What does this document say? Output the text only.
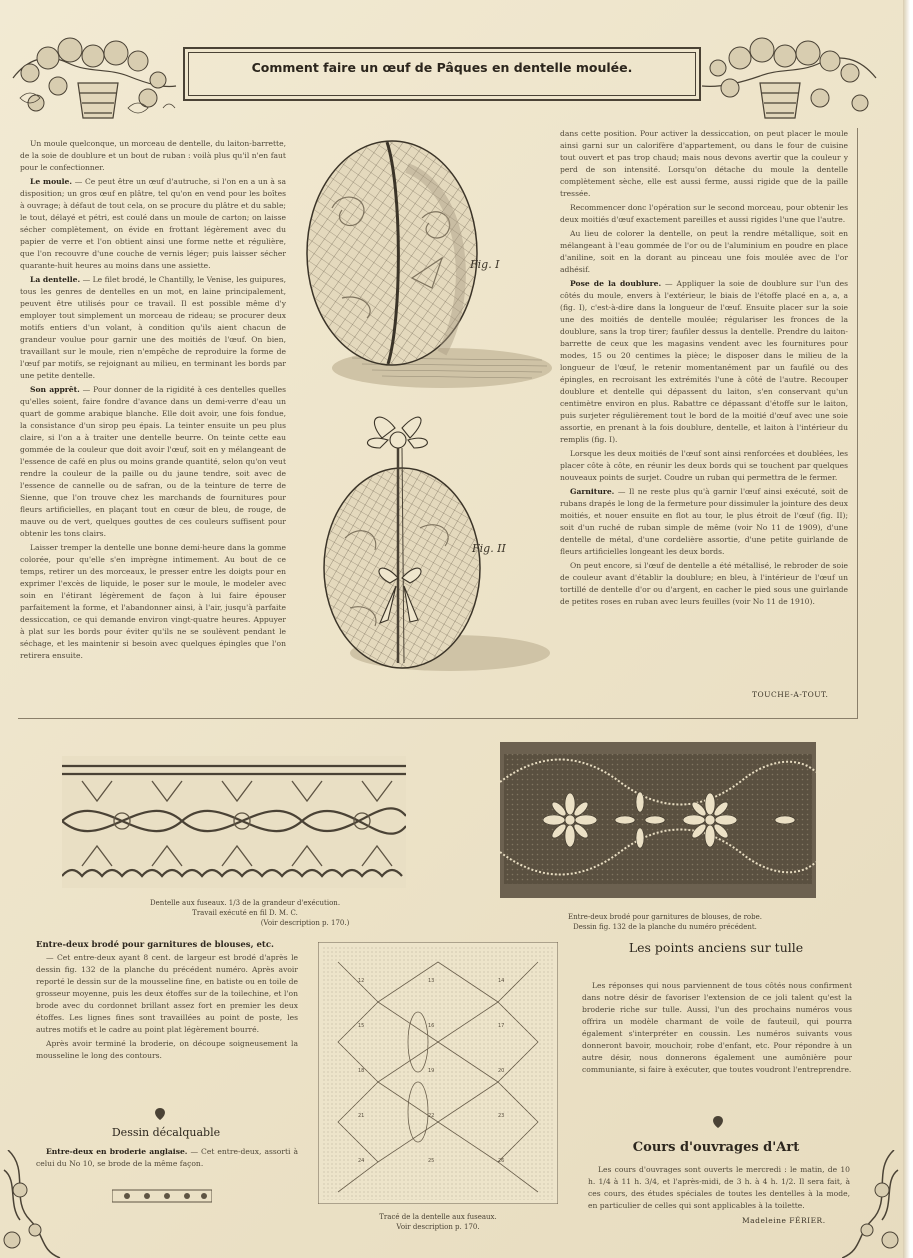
Comment faire un œuf de Pâques en dentelle moulée.

Un moule quelconque, un morceau de dentelle, du laiton-barrette, de la soie de doublure et un bout de ruban : voilà plus qu'il n'en faut pour le confectionner.

Le moule. — Ce peut être un œuf d'autruche, si l'on en a un à sa disposition; un gros œuf en plâtre, tel qu'on en vend pour les boîtes à ouvrage; à défaut de tout cela, on se procure du plâtre et du sable; le tout, délayé et pétri, est coulé dans un moule de carton; on laisse sécher complètement, on évide en frottant légèrement avec du papier de verre et l'on obtient ainsi une forme nette et régulière, que l'on recouvre d'une couche de vernis léger; puis laisser sécher quarante-huit heures au moins dans une assiette.

La dentelle. — Le filet brodé, le Chantilly, le Venise, les guipures, tous les genres de dentelles en un mot, en laine principalement, peuvent être utilisés pour ce travail. Il est possible même d'y employer tout simplement un morceau de rideau; se procurer deux motifs entiers d'un volant, à condition qu'ils aient chacun de grandeur voulue pour garnir une des moitiés de l'œuf. On bien, travaillant sur le moule, rien n'empêche de reproduire la forme de l'œuf par motifs, se rejoignant au milieu, en terminant les bords par une petite dentelle.

Son apprêt. — Pour donner de la rigidité à ces dentelles quelles qu'elles soient, faire fondre d'avance dans un demi-verre d'eau un quart de gomme arabique blanche. Elle doit avoir, une fois fondue, la consistance d'un sirop peu épais. La teinter ensuite un peu plus claire, si l'on a à traiter une dentelle beurre. On teinte cette eau gommée de la couleur que doit avoir l'œuf, soit en y mélangeant de l'essence de café en plus ou moins grande quantité, selon qu'on veut rendre la couleur de la paille ou du jaune tendre, soit avec de l'essence de cannelle ou de safran, ou de la teinture de terre de Sienne, que l'on trouve chez les marchands de fournitures pour fleurs artificielles, en plaçant tout en cœur de bleu, de rouge, de mauve ou de vert, quelques gouttes de ces couleurs suffisent pour obtenir les tons clairs.

Laisser tremper la dentelle une bonne demi-heure dans la gomme colorée, pour qu'elle s'en imprègne intimement. Au bout de ce temps, retirer un des morceaux, le presser entre les doigts pour en exprimer l'excès de liquide, le poser sur le moule, le modeler avec soin en l'étirant légèrement de façon à lui faire épouser parfaitement la forme, et l'abandonner ainsi, à l'air, jusqu'à parfaite dessiccation, ce qui demande environ vingt-quatre heures. Appuyer à plat sur les bords pour éviter qu'ils ne se soulèvent pendant le séchage, et les maintenir si besoin avec quelques épingles que l'on retirera ensuite.

Fig. I
Fig. II

dans cette position. Pour activer la dessiccation, on peut placer le moule ainsi garni sur un calorifère d'appartement, ou dans le four de cuisine tout ouvert et pas trop chaud; mais nous devons avertir que la couleur y perd de son intensité. Lorsqu'on détache du moule la dentelle complètement sèche, elle est aussi ferme, aussi rigide que de la paille tressée.

Recommencer donc l'opération sur le second morceau, pour obtenir les deux moitiés d'œuf exactement pareilles et aussi rigides l'une que l'autre.

Au lieu de colorer la dentelle, on peut la rendre métallique, soit en mélangeant à l'eau gommée de l'or ou de l'aluminium en poudre en place d'aniline, soit en la dorant au pinceau une fois moulée avec de l'or adhésif.

Pose de la doublure. — Appliquer la soie de doublure sur l'un des côtés du moule, envers à l'extérieur, le biais de l'étoffe placé en a, a, a (fig. I), c'est-à-dire dans la longueur de l'œuf. Ensuite placer sur la soie une des moitiés de dentelle moulée; régulariser les fronces de la doublure, sans la trop tirer; faufiler dessus la dentelle. Prendre du laiton-barrette de ceux que les magasins vendent avec les fournitures pour modes, 15 ou 20 centimes la pièce; le disposer dans le milieu de la longueur de l'œuf, le retenir momentanément par un faufilé ou des épingles, en recroisant les extrémités l'une à côté de l'autre. Recouper doublure et dentelle qui dépassent du laiton, s'en conservant qu'un centimètre environ en plus. Rabattre ce dépassant d'étoffe sur le laiton, puis surjeter régulièrement tout le bord de la moitié d'œuf avec une soie assortie, en prenant à la fois doublure, dentelle, et laiton à l'intérieur du remplis (fig. I).

Lorsque les deux moitiés de l'œuf sont ainsi renforcées et doublées, les placer côte à côte, en réunir les deux bords qui se touchent par quelques nouveaux points de surjet. Coudre un ruban qui permettra de le fermer.

Garniture. — Il ne reste plus qu'à garnir l'œuf ainsi exécuté, soit de rubans drapés le long de la fermeture pour dissimuler la jointure des deux moitiés, et nouer ensuite en flot au tour, le plus étroit de l'œuf (fig. II); soit d'un ruché de ruban simple de même (voir No 11 de 1909), d'une dentelle de métal, d'une cordelière assortie, d'une petite guirlande de fleurs artificielles longeant les deux bords.

On peut encore, si l'œuf de dentelle a été métallisé, le rebroder de soie de couleur avant d'établir la doublure; en bleu, à l'intérieur de l'œuf un tortillé de dentelle d'or ou d'argent, en cacher le pied sous une guirlande de petites roses en ruban avec leurs feuilles (voir No 11 de 1910).

TOUCHE-A-TOUT.
Dentelle aux fuseaux. 1/3 de la grandeur d'exécution.
Travail exécuté en fil D. M. C.
(Voir description p. 170.)
Entre-deux brodé pour garnitures de blouses, de robe.
Dessin fig. 132 de la planche du numéro précédent.
Entre-deux brodé pour garnitures de blouses, etc.

— Cet entre-deux ayant 8 cent. de largeur est brodé d'après le dessin fig. 132 de la planche du précédent numéro. Après avoir reporté le dessin sur de la mousseline fine, en batiste ou en toile de grosseur moyenne, puis les deux étoffes sur de la toilechine, et l'on brode avec du cordonnet brillant assez fort en premier les deux étoffes. Les lignes fines sont travaillées au point de poste, les autres motifs et le cadre au point plat légèrement bourré.

Après avoir terminé la broderie, on découpe soigneusement la mousseline le long des contours.

Dessin décalquable

Entre-deux en broderie anglaise. — Cet entre-deux, assorti à celui du No 10, se brode de la même façon.

12	13	14
15	16	17
18	19	20
21	22	23
24	25	26
Tracé de la dentelle aux fuseaux.
Voir description p. 170.
Les points anciens sur tulle

Les réponses qui nous parviennent de tous côtés nous confirment dans notre désir de favoriser l'extension de ce joli talent qu'est la broderie riche sur tulle. Aussi, l'un des prochains numéros vous offrira un modèle charmant de voile de fauteuil, qui pourra également s'interpréter en coussin. Les numéros suivants vous donneront bavoir, mouchoir, robe d'enfant, etc. Pour répondre à un autre désir, nous donnerons également une aumônière pour communiante, si faire à exécuter, que toutes voudront l'entreprendre.

Cours d'ouvrages d'Art

Les cours d'ouvrages sont ouverts le mercredi : le matin, de 10 h. 1/4 à 11 h. 3/4, et l'après-midi, de 3 h. à 4 h. 1/2. Il sera fait, à ces cours, des études spéciales de toutes les dentelles à la mode, en particulier de celles qui sont applicables à la toilette.

Madeleine FÉRIER.
